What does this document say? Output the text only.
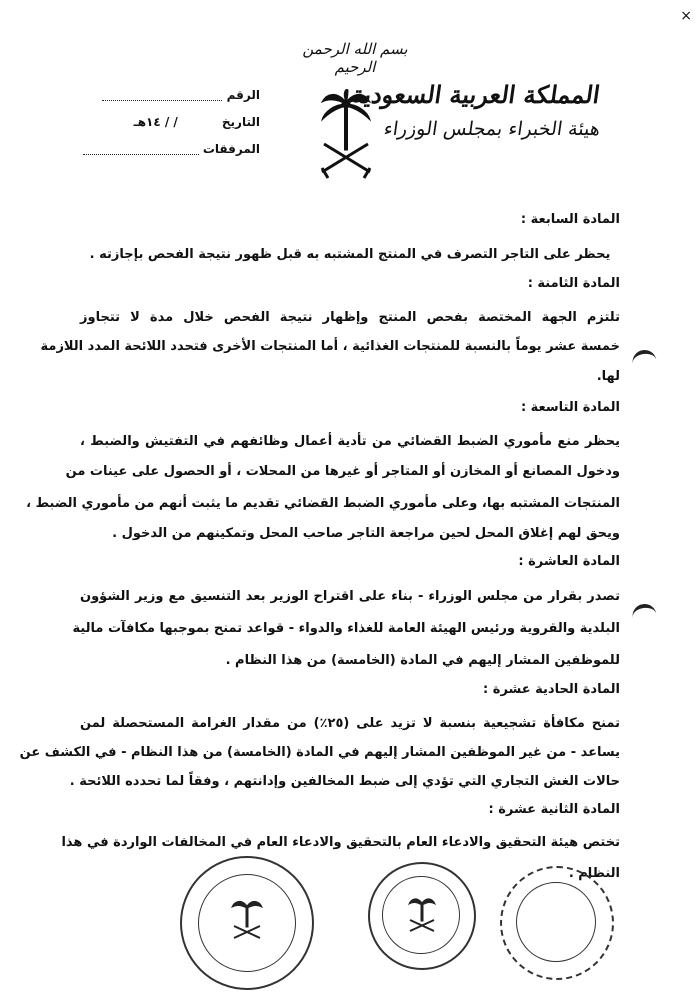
×
بسم الله الرحمن الرحيم
المملكة العربية السعودية
هيئة الخبراء بمجلس الوزراء
الرقم
التاريخ / / ١٤هـ
المرفقات
المادة السابعة :
يحظر على التاجر التصرف في المنتج المشتبه به قبل ظهور نتيجة الفحص بإجازته .
المادة الثامنة :
تلتزم الجهة المختصة بفحص المنتج وإظهار نتيجة الفحص خلال مدة لا تتجاوز
خمسة عشر يوماً بالنسبة للمنتجات الغذائية ، أما المنتجات الأخرى فتحدد اللائحة المدد اللازمة
لها.
المادة التاسعة :
يحظر منع مأموري الضبط القضائي من تأدية أعمال وظائفهم في التفتيش والضبط ،
ودخول المصانع أو المخازن أو المتاجر أو غيرها من المحلات ، أو الحصول على عينات من
المنتجات المشتبه بها، وعلى مأموري الضبط القضائي تقديم ما يثبت أنهم من مأموري الضبط ،
ويحق لهم إغلاق المحل لحين مراجعة التاجر صاحب المحل وتمكينهم من الدخول .
المادة العاشرة :
تصدر بقرار من مجلس الوزراء - بناء على اقتراح الوزير بعد التنسيق مع وزير الشؤون
البلدية والقروية ورئيس الهيئة العامة للغذاء والدواء - قواعد تمنح بموجبها مكافآت مالية
للموظفين المشار إليهم في المادة (الخامسة) من هذا النظام .
المادة الحادية عشرة :
تمنح مكافأة تشجيعية بنسبة لا تزيد على (٢٥٪) من مقدار الغرامة المستحصلة لمن
يساعد - من غير الموظفين المشار إليهم في المادة (الخامسة) من هذا النظام - في الكشف عن
حالات الغش التجاري التي تؤدي إلى ضبط المخالفين وإدانتهم ، وفقاً لما تحدده اللائحة .
المادة الثانية عشرة :
تختص هيئة التحقيق والادعاء العام بالتحقيق والادعاء العام في المخالفات الواردة في هذا
النظام .
